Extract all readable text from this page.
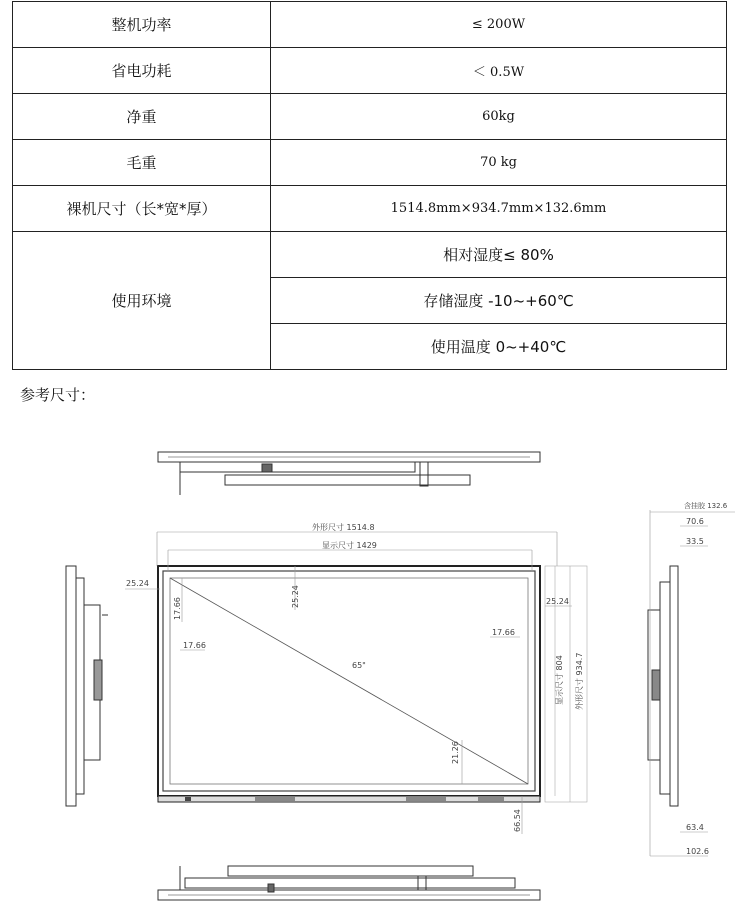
整机功率	≤ 200W
省电功耗	＜ 0.5W
净重	60kg
毛重	70 kg
裸机尺寸（长*宽*厚）	1514.8mm×934.7mm×132.6mm
使用环境	相对湿度≤ 80%
	存储湿度 -10~+60℃
	使用温度 0~+40℃
参考尺寸：
外形尺寸 1514.8
显示尺寸 1429
65"
25.24
17.66
25.24	25.24
17.66
17.66
21.26
66.54
显示尺寸 804 外形尺寸 934.7
含挂胶 132.6
70.6
33.5
63.4
102.6
